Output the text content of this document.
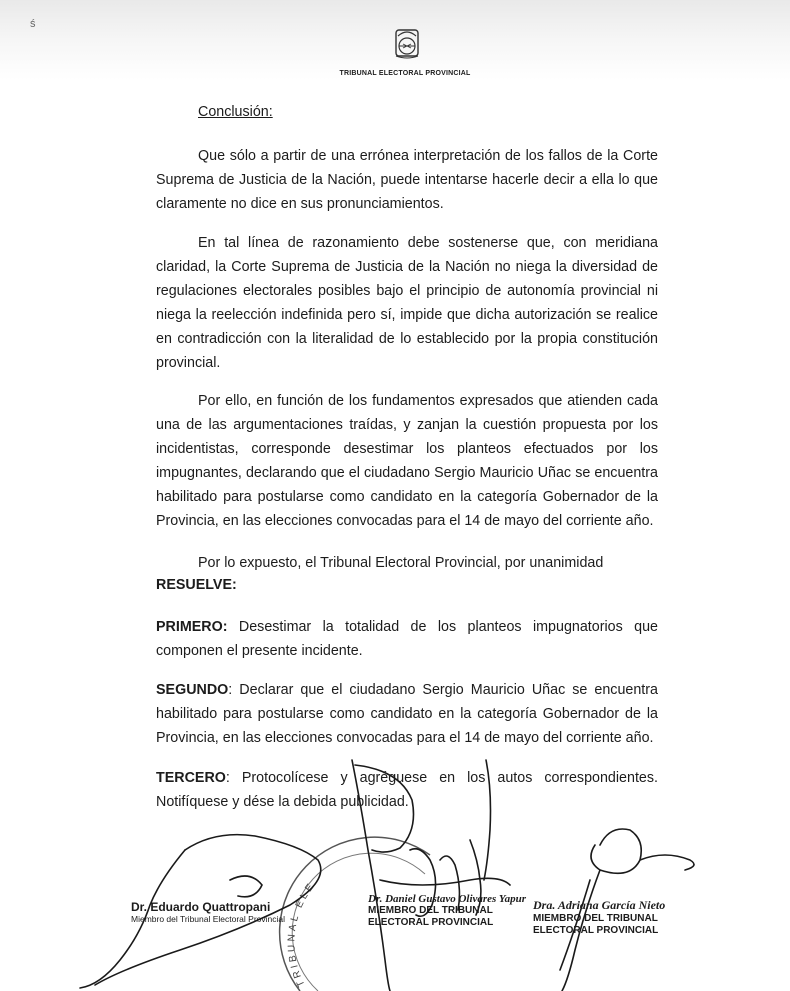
ś
TRIBUNAL ELECTORAL PROVINCIAL
Conclusión:

Que sólo a partir de una errónea interpretación de los fallos de la Corte Suprema de Justicia de la Nación, puede intentarse hacerle decir a ella lo que claramente no dice en sus pronunciamientos.

En tal línea de razonamiento debe sostenerse que, con meridiana claridad, la Corte Suprema de Justicia de la Nación no niega la diversidad de regulaciones electorales posibles bajo el principio de autonomía provincial ni niega la reelección indefinida pero sí, impide que dicha autorización se realice en contradicción con la literalidad de lo establecido por la propia constitución provincial.

Por ello, en función de los fundamentos expresados que atienden cada una de las argumentaciones traídas, y zanjan la cuestión propuesta por los incidentistas, corresponde desestimar los planteos efectuados por los impugnantes, declarando que el ciudadano Sergio Mauricio Uñac se encuentra habilitado para postularse como candidato en la categoría Gobernador de la Provincia, en las elecciones convocadas para el 14 de mayo del corriente año.

Por lo expuesto, el Tribunal Electoral Provincial, por unanimidad

RESUELVE:

PRIMERO: Desestimar la totalidad de los planteos impugnatorios que componen el presente incidente.

SEGUNDO: Declarar que el ciudadano Sergio Mauricio Uñac se encuentra habilitado para postularse como candidato en la categoría Gobernador de la Provincia, en las elecciones convocadas para el 14 de mayo del corriente año.

TERCERO: Protocolícese y agréguese en los autos correspondientes. Notifíquese y dése la debida publicidad.

TRIBUNAL ELE
Dr. Eduardo Quattropani
Miembro del Tribunal Electoral Provincial
Dr. Daniel Gustavo Olivares Yapur
MIEMBRO DEL TRIBUNAL
ELECTORAL PROVINCIAL
Dra. Adriana García Nieto
MIEMBRO DEL TRIBUNAL
ELECTORAL PROVINCIAL
